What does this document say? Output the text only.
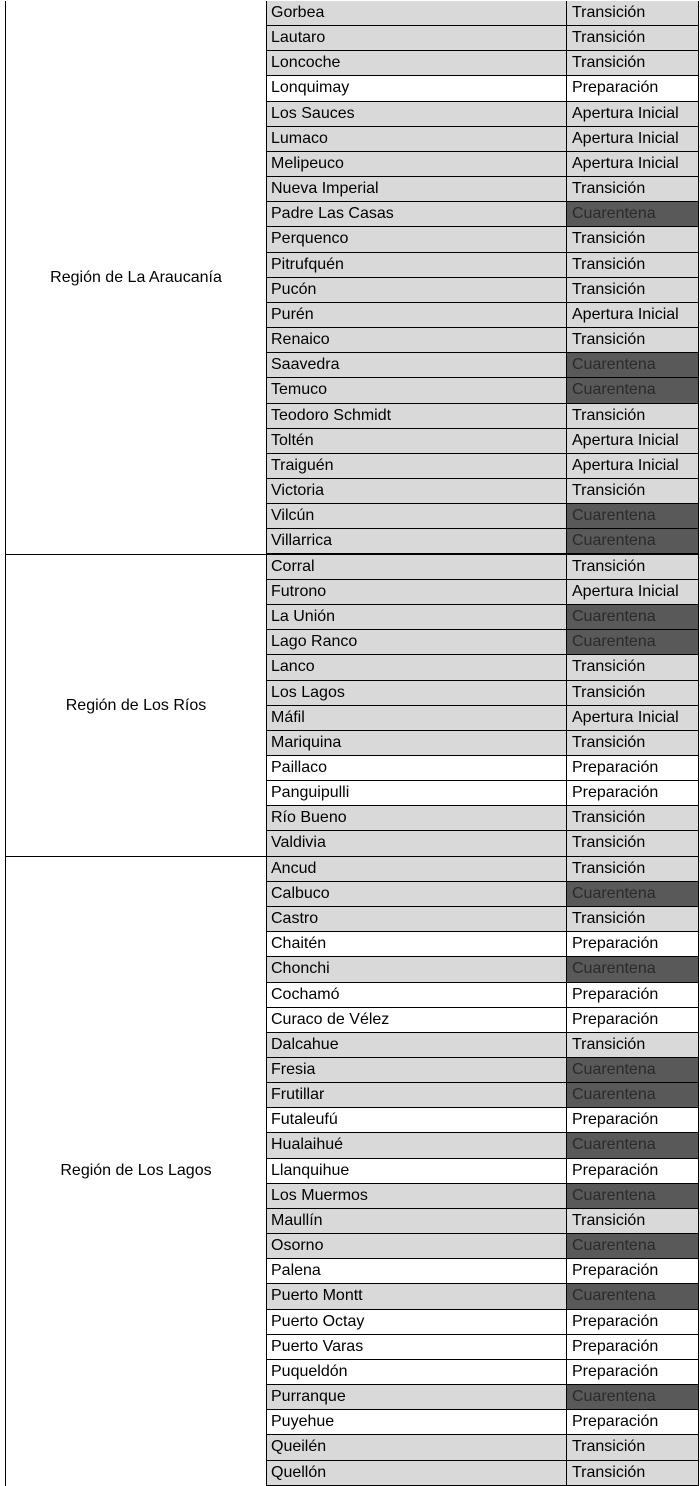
Región de La Araucanía
Gorbea	Transición
Lautaro	Transición
Loncoche	Transición
Lonquimay	Preparación
Los Sauces	Apertura Inicial
Lumaco	Apertura Inicial
Melipeuco	Apertura Inicial
Nueva Imperial	Transición
Padre Las Casas	Cuarentena
Perquenco	Transición
Pitrufquén	Transición
Pucón	Transición
Purén	Apertura Inicial
Renaico	Transición
Saavedra	Cuarentena
Temuco	Cuarentena
Teodoro Schmidt	Transición
Toltén	Apertura Inicial
Traiguén	Apertura Inicial
Victoria	Transición
Vilcún	Cuarentena
Villarrica	Cuarentena
Región de Los Ríos
Corral	Transición
Futrono	Apertura Inicial
La Unión	Cuarentena
Lago Ranco	Cuarentena
Lanco	Transición
Los Lagos	Transición
Máfil	Apertura Inicial
Mariquina	Transición
Paillaco	Preparación
Panguipulli	Preparación
Río Bueno	Transición
Valdivia	Transición
Región de Los Lagos
Ancud	Transición
Calbuco	Cuarentena
Castro	Transición
Chaitén	Preparación
Chonchi	Cuarentena
Cochamó	Preparación
Curaco de Vélez	Preparación
Dalcahue	Transición
Fresia	Cuarentena
Frutillar	Cuarentena
Futaleufú	Preparación
Hualaihué	Cuarentena
Llanquihue	Preparación
Los Muermos	Cuarentena
Maullín	Transición
Osorno	Cuarentena
Palena	Preparación
Puerto Montt	Cuarentena
Puerto Octay	Preparación
Puerto Varas	Preparación
Puqueldón	Preparación
Purranque	Cuarentena
Puyehue	Preparación
Queilén	Transición
Quellón	Transición
